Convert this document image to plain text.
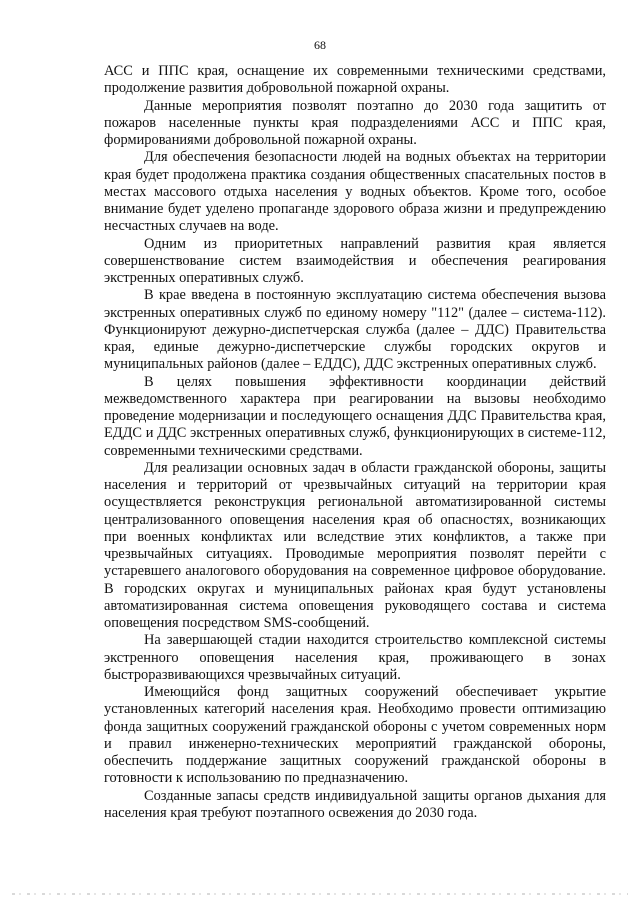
68

АСС и ППС края, оснащение их современными техническими средствами, продолжение развития добровольной пожарной охраны.

Данные мероприятия позволят поэтапно до 2030 года защитить от пожаров населенные пункты края подразделениями АСС и ППС края, формированиями добровольной пожарной охраны.

Для обеспечения безопасности людей на водных объектах на территории края будет продолжена практика создания общественных спасательных постов в местах массового отдыха населения у водных объектов. Кроме того, особое внимание будет уделено пропаганде здорового образа жизни и предупреждению несчастных случаев на воде.

Одним из приоритетных направлений развития края является совершенствование систем взаимодействия и обеспечения реагирования экстренных оперативных служб.

В крае введена в постоянную эксплуатацию система обеспечения вызова экстренных оперативных служб по единому номеру "112" (далее – система-112). Функционируют дежурно-диспетчерская служба (далее – ДДС) Правительства края, единые дежурно-диспетчерские службы городских округов и муниципальных районов (далее – ЕДДС), ДДС экстренных оперативных служб.

В целях повышения эффективности координации действий межведомственного характера при реагировании на вызовы необходимо проведение модернизации и последующего оснащения ДДС Правительства края, ЕДДС и ДДС экстренных оперативных служб, функционирующих в системе-112, современными техническими средствами.

Для реализации основных задач в области гражданской обороны, защиты населения и территорий от чрезвычайных ситуаций на территории края осуществляется реконструкция региональной автоматизированной системы централизованного оповещения населения края об опасностях, возникающих при военных конфликтах или вследствие этих конфликтов, а также при чрезвычайных ситуациях. Проводимые мероприятия позволят перейти с устаревшего аналогового оборудования на современное цифровое оборудование. В городских округах и муниципальных районах края будут установлены автоматизированная система оповещения руководящего состава и система оповещения посредством SMS-сообщений.

На завершающей стадии находится строительство комплексной системы экстренного оповещения населения края, проживающего в зонах быстроразвивающихся чрезвычайных ситуаций.

Имеющийся фонд защитных сооружений обеспечивает укрытие установленных категорий населения края. Необходимо провести оптимизацию фонда защитных сооружений гражданской обороны с учетом современных норм и правил инженерно-технических мероприятий гражданской обороны, обеспечить поддержание защитных сооружений гражданской обороны в готовности к использованию по предназначению.

Созданные запасы средств индивидуальной защиты органов дыхания для населения края требуют поэтапного освежения до 2030 года.
